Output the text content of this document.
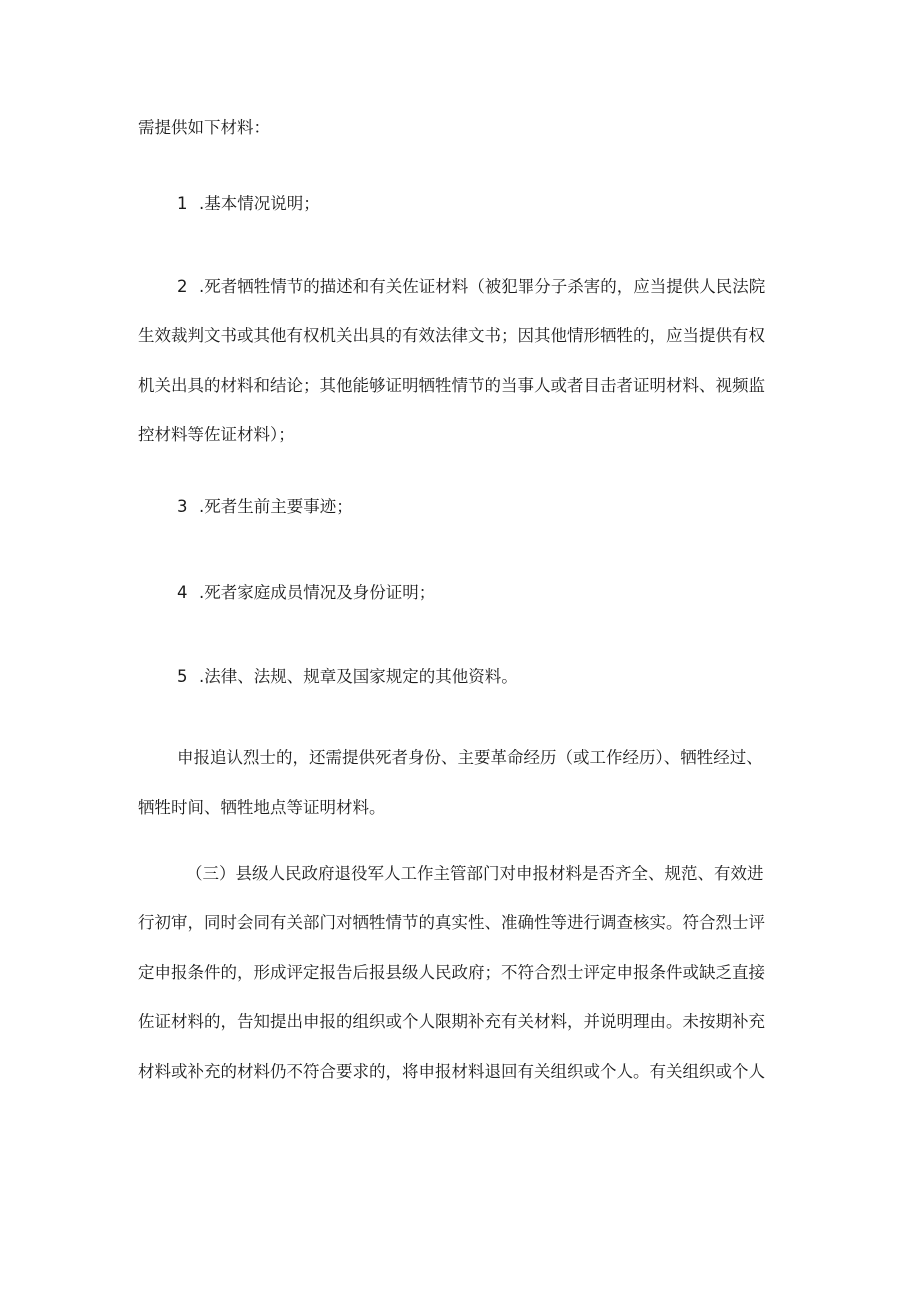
需提供如下材料：

1 .基本情况说明；

2 .死者牺牲情节的描述和有关佐证材料（被犯罪分子杀害的，应当提供人民法院

生效裁判文书或其他有权机关出具的有效法律文书；因其他情形牺牲的，应当提供有权

机关出具的材料和结论；其他能够证明牺牲情节的当事人或者目击者证明材料、视频监

控材料等佐证材料）；

3 .死者生前主要事迹；

4 .死者家庭成员情况及身份证明；

5 .法律、法规、规章及国家规定的其他资料。

申报追认烈士的，还需提供死者身份、主要革命经历（或工作经历）、牺牲经过、

牺牲时间、牺牲地点等证明材料。

（三）县级人民政府退役军人工作主管部门对申报材料是否齐全、规范、有效进

行初审，同时会同有关部门对牺牲情节的真实性、准确性等进行调查核实。符合烈士评

定申报条件的，形成评定报告后报县级人民政府；不符合烈士评定申报条件或缺乏直接

佐证材料的，告知提出申报的组织或个人限期补充有关材料，并说明理由。未按期补充

材料或补充的材料仍不符合要求的，将申报材料退回有关组织或个人。有关组织或个人
